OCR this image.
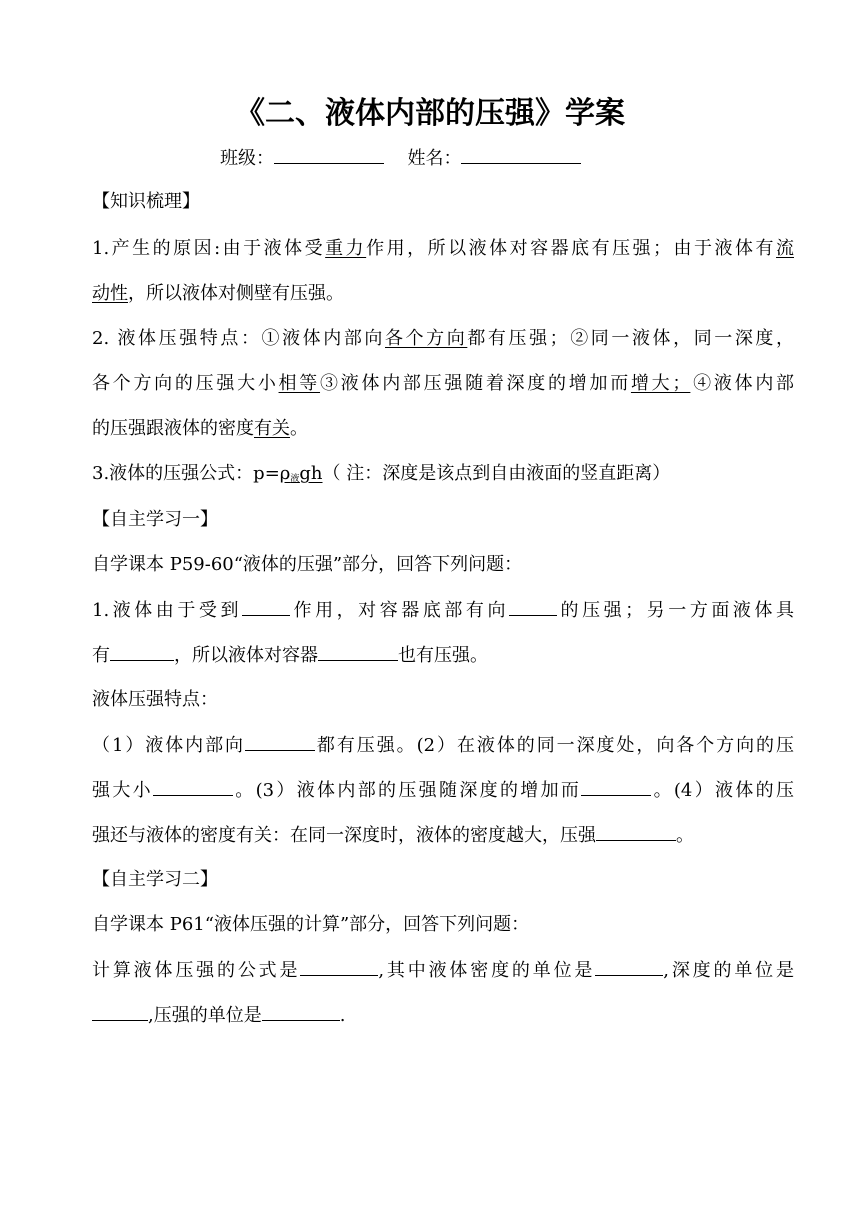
《二、液体内部的压强》学案
班级：	姓名：
【知识梳理】
1.产生的原因:由于液体受重力作用，所以液体对容器底有压强；由于液体有流
动性，所以液体对侧壁有压强。
2. 液体压强特点：①液体内部向各个方向都有压强；②同一液体，同一深度，
各个方向的压强大小相等③液体内部压强随着深度的增加而增大；④液体内部
的压强跟液体的密度有关。
3.液体的压强公式：$p=\rho_液gh$（ 注：深度是该点到自由液面的竖直距离）
【自主学习一】
自学课本 P59-60“液体的压强”部分，回答下列问题：
1.液体由于受到	作用，对容器底部有向	的压强；另一方面液体具
有	，所以液体对容器	也有压强。
液体压强特点：
（1）液体内部向	都有压强。(2）在液体的同一深度处，向各个方向的压
强大小	。(3）液体内部的压强随深度的增加而	。(4）液体的压
强还与液体的密度有关：在同一深度时，液体的密度越大，压强	。
【自主学习二】
自学课本 P61“液体压强的计算”部分，回答下列问题：
计算液体压强的公式是	,其中液体密度的单位是	,深度的单位是
,压强的单位是	.
